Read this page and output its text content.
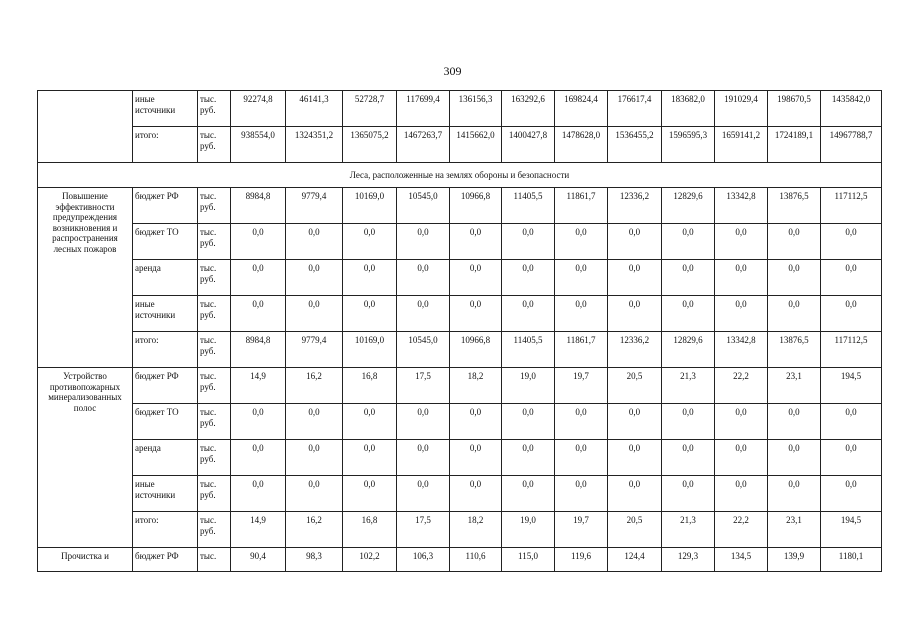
309
	иные источники	тыс. руб.	92274,8	46141,3	52728,7	117699,4	136156,3	163292,6	169824,4	176617,4	183682,0	191029,4	198670,5	1435842,0
	итого:	тыс. руб.	938554,0	1324351,2	1365075,2	1467263,7	1415662,0	1400427,8	1478628,0	1536455,2	1596595,3	1659141,2	1724189,1	14967788,7
Леса, расположенные на землях обороны и безопасности														
Повышение эффективности предупреждения возникновения и распространения лесных пожаров	бюджет РФ	тыс. руб.	8984,8	9779,4	10169,0	10545,0	10966,8	11405,5	11861,7	12336,2	12829,6	13342,8	13876,5	117112,5
	бюджет ТО	тыс. руб.	0,0	0,0	0,0	0,0	0,0	0,0	0,0	0,0	0,0	0,0	0,0	0,0
	аренда	тыс. руб.	0,0	0,0	0,0	0,0	0,0	0,0	0,0	0,0	0,0	0,0	0,0	0,0
	иные источники	тыс. руб.	0,0	0,0	0,0	0,0	0,0	0,0	0,0	0,0	0,0	0,0	0,0	0,0
	итого:	тыс. руб.	8984,8	9779,4	10169,0	10545,0	10966,8	11405,5	11861,7	12336,2	12829,6	13342,8	13876,5	117112,5
Устройство противопожарных минерализованных полос	бюджет РФ	тыс. руб.	14,9	16,2	16,8	17,5	18,2	19,0	19,7	20,5	21,3	22,2	23,1	194,5
	бюджет ТО	тыс. руб.	0,0	0,0	0,0	0,0	0,0	0,0	0,0	0,0	0,0	0,0	0,0	0,0
	аренда	тыс. руб.	0,0	0,0	0,0	0,0	0,0	0,0	0,0	0,0	0,0	0,0	0,0	0,0
	иные источники	тыс. руб.	0,0	0,0	0,0	0,0	0,0	0,0	0,0	0,0	0,0	0,0	0,0	0,0
	итого:	тыс. руб.	14,9	16,2	16,8	17,5	18,2	19,0	19,7	20,5	21,3	22,2	23,1	194,5
Прочистка и	бюджет РФ	тыс.	90,4	98,3	102,2	106,3	110,6	115,0	119,6	124,4	129,3	134,5	139,9	1180,1
